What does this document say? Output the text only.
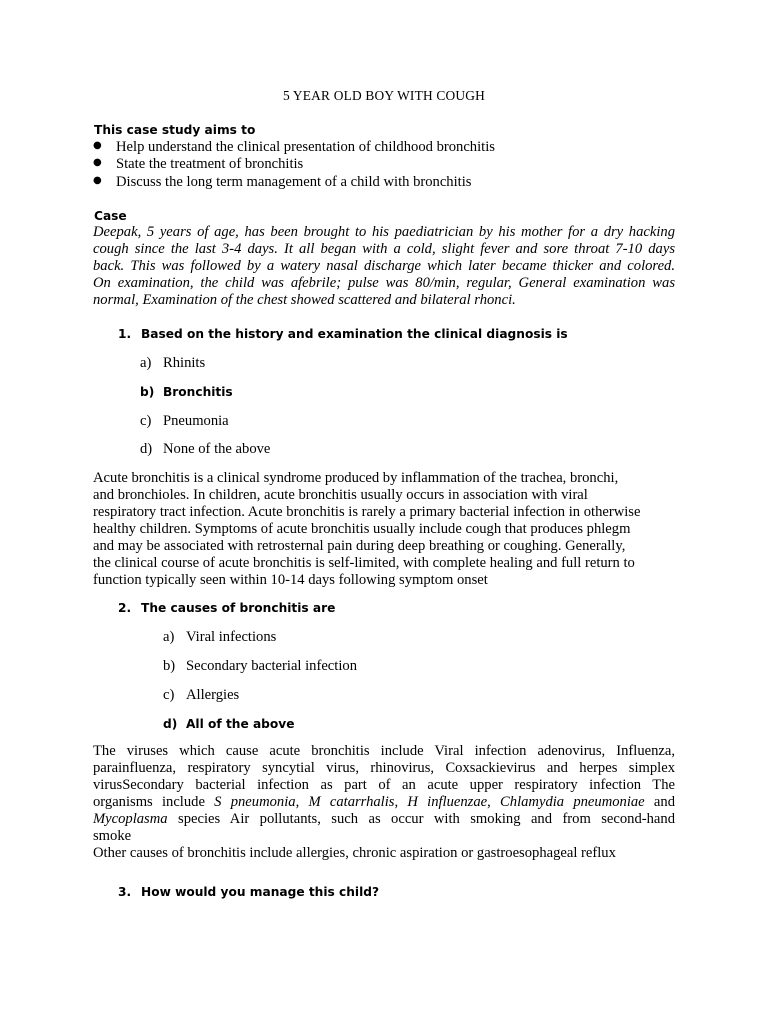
5 YEAR OLD BOY WITH COUGH
This case study aims to
● Help understand the clinical presentation of childhood bronchitis
● State the treatment of bronchitis
● Discuss the long term management of a child with bronchitis
Case
Deepak, 5 years of age, has been brought to his paediatrician by his mother for a dry hacking
cough since the last 3-4 days. It all began with a cold, slight fever and sore throat 7-10 days
back. This was followed by a watery nasal discharge which later became thicker and colored.
On examination, the child was afebrile; pulse was 80/min, regular, General examination was
normal, Examination of the chest showed scattered and bilateral rhonci.
1. Based on the history and examination the clinical diagnosis is
a) Rhinits
b) Bronchitis
c) Pneumonia
d) None of the above
Acute bronchitis is a clinical syndrome produced by inflammation of the trachea, bronchi,
and bronchioles. In children, acute bronchitis usually occurs in association with viral
respiratory tract infection. Acute bronchitis is rarely a primary bacterial infection in otherwise
healthy children. Symptoms of acute bronchitis usually include cough that produces phlegm
and may be associated with retrosternal pain during deep breathing or coughing. Generally,
the clinical course of acute bronchitis is self-limited, with complete healing and full return to
function typically seen within 10-14 days following symptom onset
2. The causes of bronchitis are
a) Viral infections
b) Secondary bacterial infection
c) Allergies
d) All of the above
The viruses which cause acute bronchitis include Viral infection adenovirus, Influenza,
parainfluenza, respiratory syncytial virus, rhinovirus, Coxsackievirus and herpes simplex
virusSecondary bacterial infection as part of an acute upper respiratory infection The
organisms include S pneumonia, M catarrhalis, H influenzae, Chlamydia pneumoniae and
Mycoplasma species Air pollutants, such as occur with smoking and from second-hand
smoke
Other causes of bronchitis include allergies, chronic aspiration or gastroesophageal reflux
3. How would you manage this child?
